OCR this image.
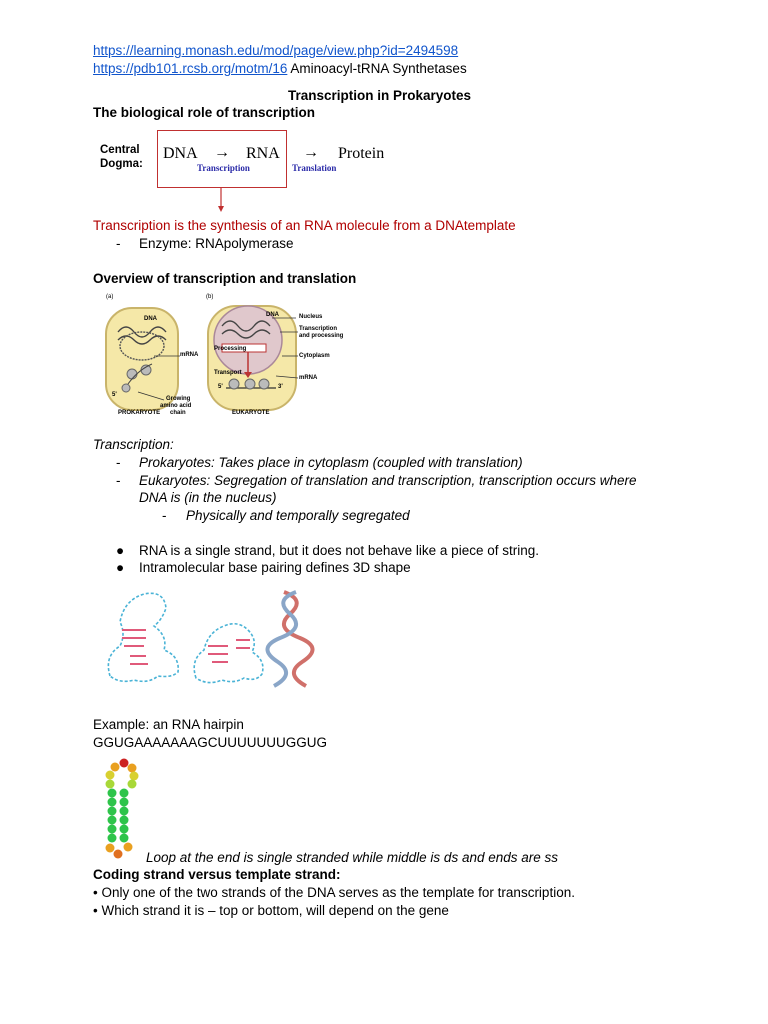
https://learning.monash.edu/mod/page/view.php?id=2494598
https://pdb101.rcsb.org/motm/16 Aminoacyl-tRNA Synthetases
Transcription in Prokaryotes
The biological role of transcription
Central
Dogma:
DNA → RNA
Transcription
→
Translation
Protein
Transcription is the synthesis of an RNA molecule from a DNAtemplate
- Enzyme: RNApolymerase
Overview of transcription and translation
(a)	(b)
DNA
mRNA
5'
Growing
amino acid
chain
PROKARYOTE	EUKARYOTE
DNA	Nucleus
Transcription
and processing
Cytoplasm
mRNA
Processing
Transport
5'	3'
Transcription:
- Prokaryotes: Takes place in cytoplasm (coupled with translation)
- Eukaryotes: Segregation of translation and transcription, transcription occurs where
DNA is (in the nucleus)
- Physically and temporally segregated
● RNA is a single strand, but it does not behave like a piece of string.
● Intramolecular base pairing defines 3D shape
Example: an RNA hairpin
GGUGAAAAAAAGCUUUUUUUGGUG
Loop at the end is single stranded while middle is ds and ends are ss
Coding strand versus template strand:
• Only one of the two strands of the DNA serves as the template for transcription.
• Which strand it is – top or bottom, will depend on the gene
